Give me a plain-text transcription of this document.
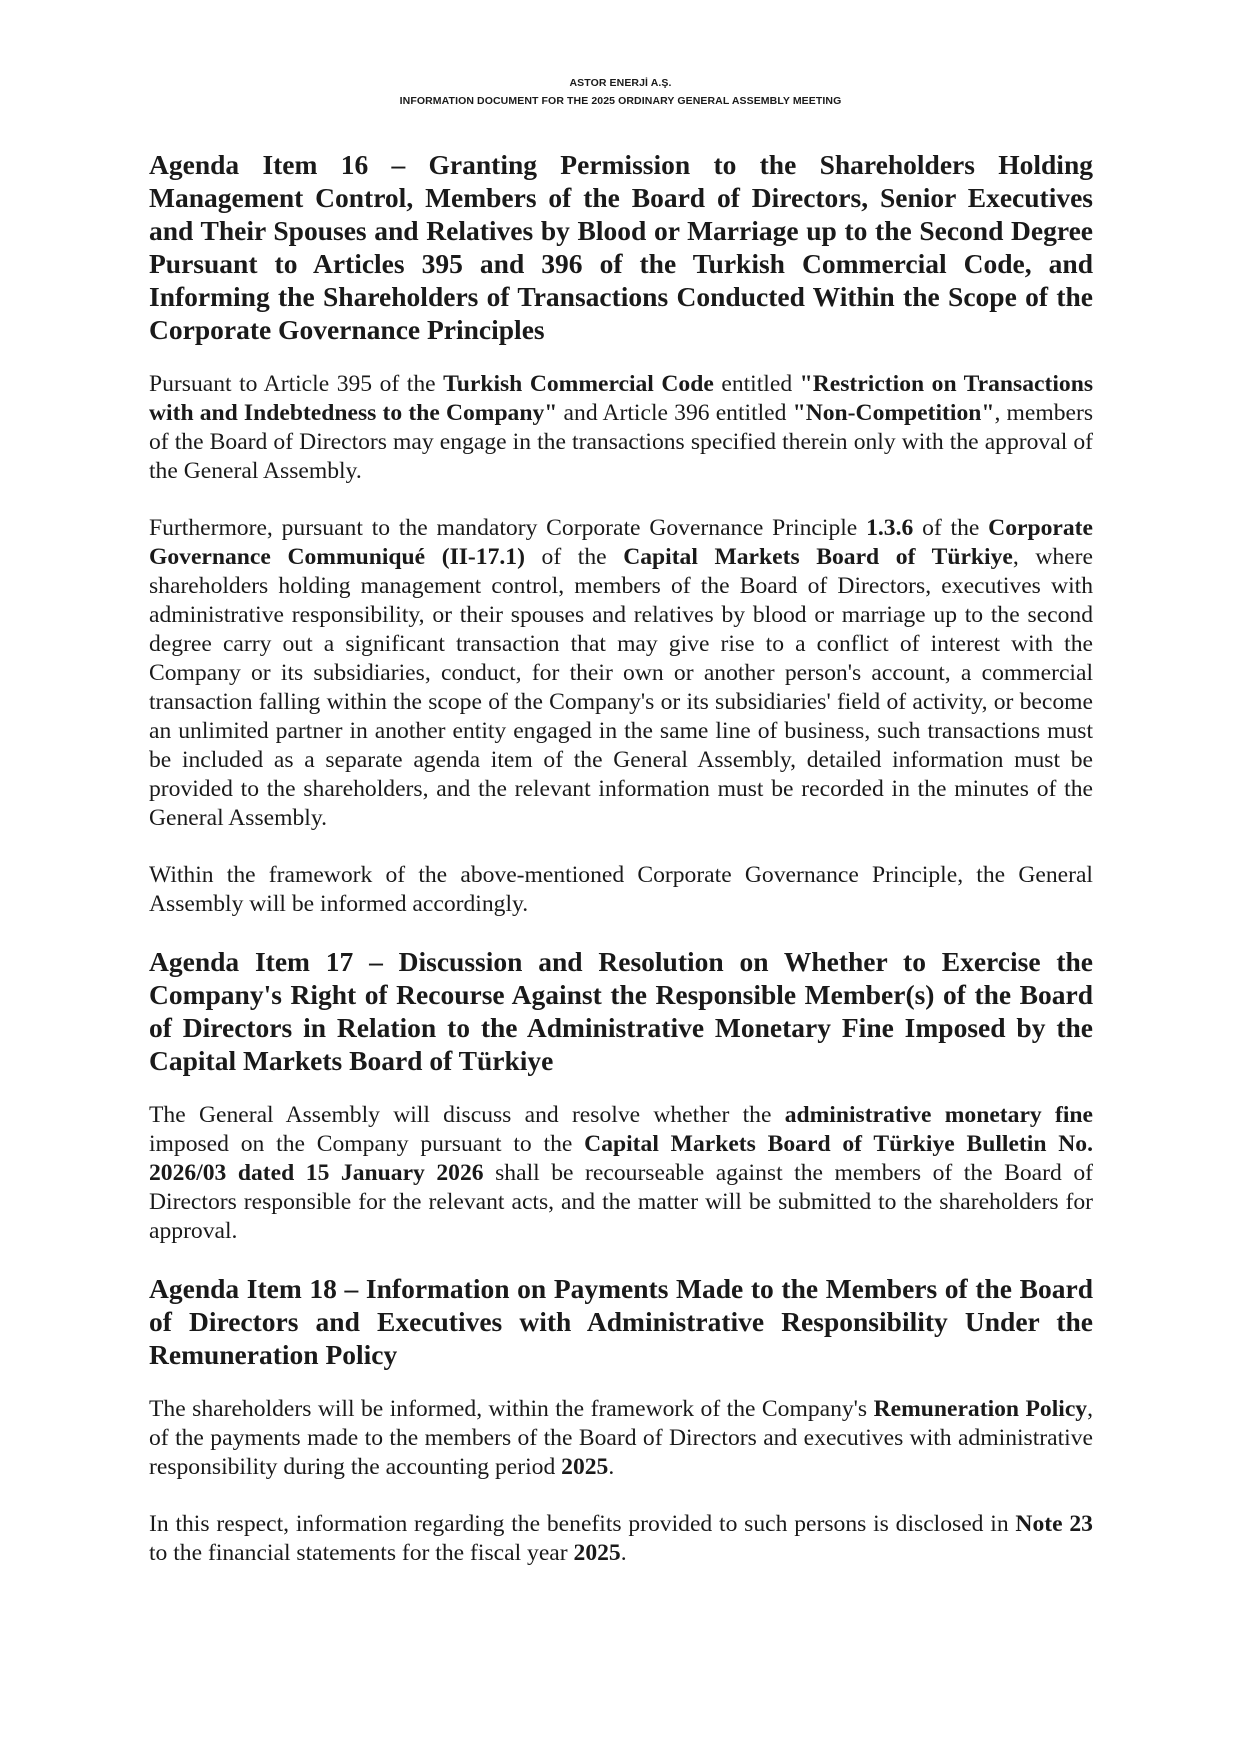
ASTOR ENERJİ A.Ş.
INFORMATION DOCUMENT FOR THE 2025 ORDINARY GENERAL ASSEMBLY MEETING
Agenda Item 16 – Granting Permission to the Shareholders Holding Management Control, Members of the Board of Directors, Senior Executives and Their Spouses and Relatives by Blood or Marriage up to the Second Degree Pursuant to Articles 395 and 396 of the Turkish Commercial Code, and Informing the Shareholders of Transactions Conducted Within the Scope of the Corporate Governance Principles

Pursuant to Article 395 of the Turkish Commercial Code entitled "Restriction on Transactions with and Indebtedness to the Company" and Article 396 entitled "Non-Competition", members of the Board of Directors may engage in the transactions specified therein only with the approval of the General Assembly.

Furthermore, pursuant to the mandatory Corporate Governance Principle 1.3.6 of the Corporate Governance Communiqué (II-17.1) of the Capital Markets Board of Türkiye, where shareholders holding management control, members of the Board of Directors, executives with administrative responsibility, or their spouses and relatives by blood or marriage up to the second degree carry out a significant transaction that may give rise to a conflict of interest with the Company or its subsidiaries, conduct, for their own or another person's account, a commercial transaction falling within the scope of the Company's or its subsidiaries' field of activity, or become an unlimited partner in another entity engaged in the same line of business, such transactions must be included as a separate agenda item of the General Assembly, detailed information must be provided to the shareholders, and the relevant information must be recorded in the minutes of the General Assembly.

Within the framework of the above-mentioned Corporate Governance Principle, the General Assembly will be informed accordingly.

Agenda Item 17 – Discussion and Resolution on Whether to Exercise the Company's Right of Recourse Against the Responsible Member(s) of the Board of Directors in Relation to the Administrative Monetary Fine Imposed by the Capital Markets Board of Türkiye

The General Assembly will discuss and resolve whether the administrative monetary fine imposed on the Company pursuant to the Capital Markets Board of Türkiye Bulletin No. 2026/03 dated 15 January 2026 shall be recourseable against the members of the Board of Directors responsible for the relevant acts, and the matter will be submitted to the shareholders for approval.

Agenda Item 18 – Information on Payments Made to the Members of the Board of Directors and Executives with Administrative Responsibility Under the Remuneration Policy

The shareholders will be informed, within the framework of the Company's Remuneration Policy, of the payments made to the members of the Board of Directors and executives with administrative responsibility during the accounting period 2025.

In this respect, information regarding the benefits provided to such persons is disclosed in Note 23 to the financial statements for the fiscal year 2025.
